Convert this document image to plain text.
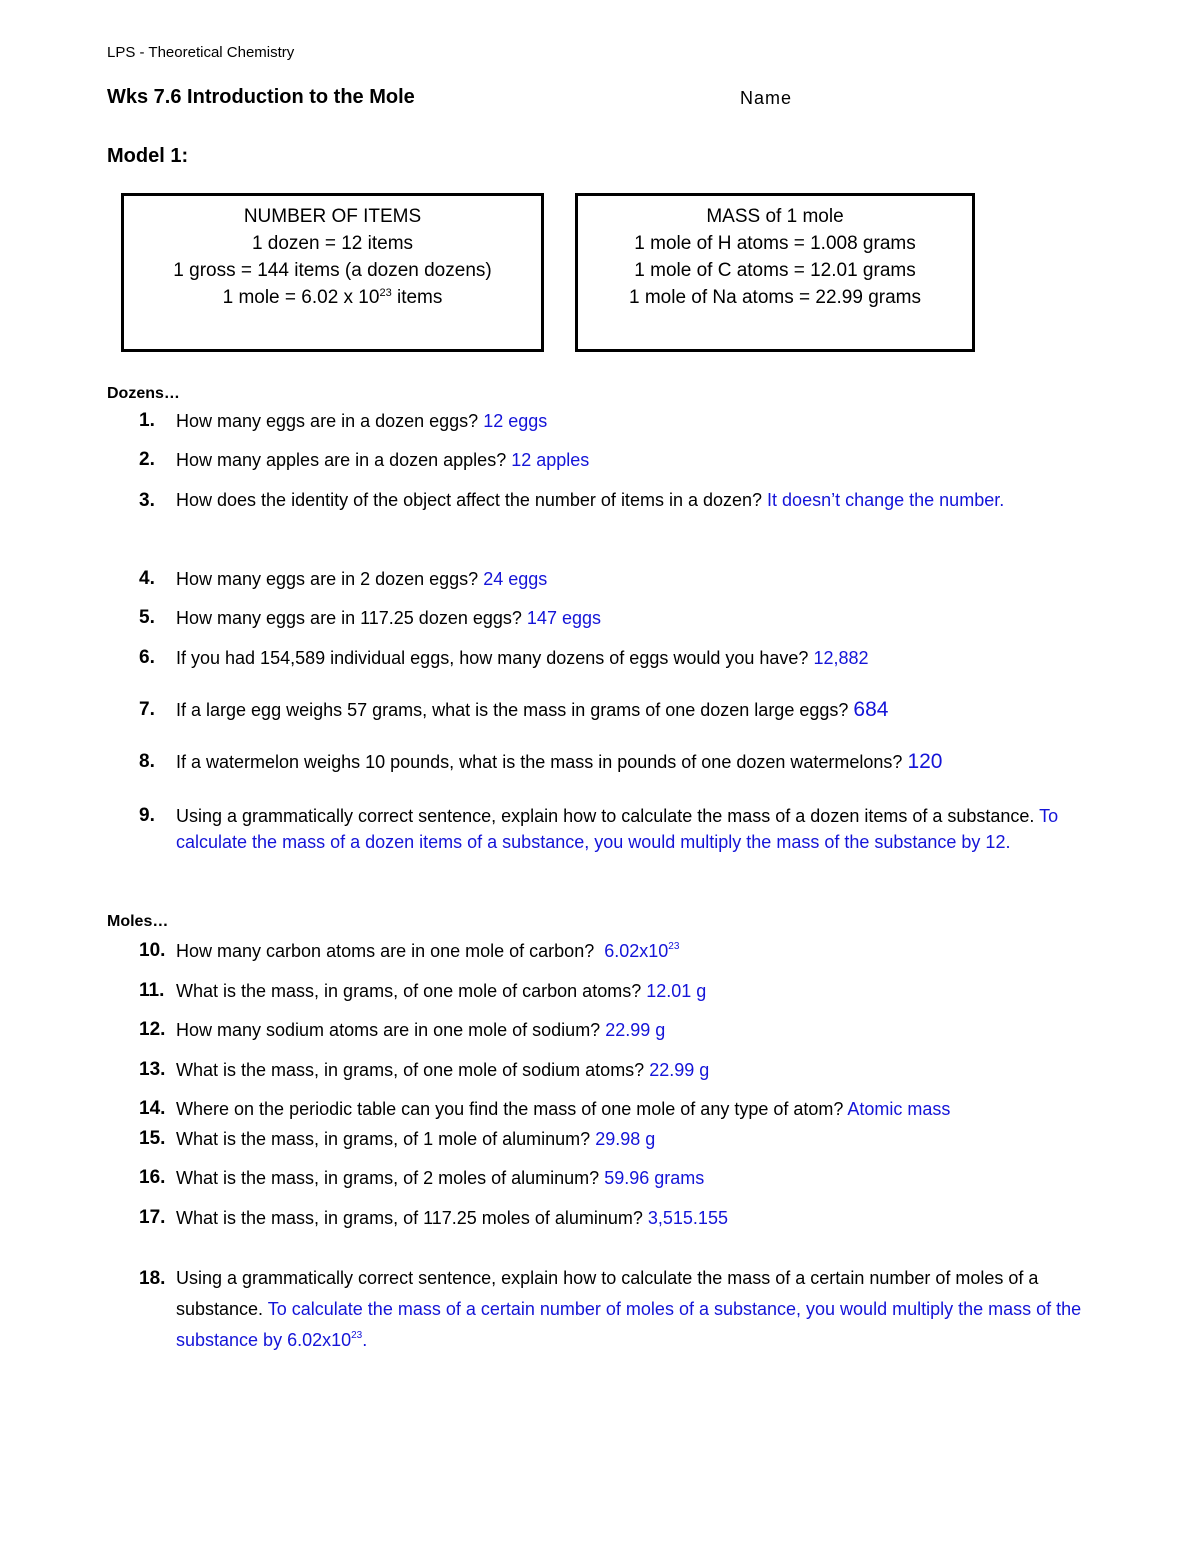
LPS - Theoretical Chemistry
Wks 7.6 Introduction to the Mole	Name
Model 1:
NUMBER OF ITEMS
1 dozen = 12 items
1 gross = 144 items (a dozen dozens)
1 mole = 6.02 x $10^{23}$ items
MASS of 1 mole
1 mole of H atoms = 1.008 grams
1 mole of C atoms = 12.01 grams
1 mole of Na atoms = 22.99 grams
Dozens…
1.	How many eggs are in a dozen eggs? 12 eggs
2.	How many apples are in a dozen apples? 12 apples
3.	How does the identity of the object affect the number of items in a dozen? It doesn’t change the number.
4.	How many eggs are in 2 dozen eggs? 24 eggs
5.	How many eggs are in 117.25 dozen eggs? 147 eggs
6.	If you had 154,589 individual eggs, how many dozens of eggs would you have? 12,882
7.	If a large egg weighs 57 grams, what is the mass in grams of one dozen large eggs? 684
8.	If a watermelon weighs 10 pounds, what is the mass in pounds of one dozen watermelons? 120
9.	Using a grammatically correct sentence, explain how to calculate the mass of a dozen items of a substance. To calculate the mass of a dozen items of a substance, you would multiply the mass of the substance by 12.
Moles…
10. How many carbon atoms are in one mole of carbon? $6.02x10^{23}$
11. What is the mass, in grams, of one mole of carbon atoms? 12.01 g
12. How many sodium atoms are in one mole of sodium? 22.99 g
13. What is the mass, in grams, of one mole of sodium atoms? 22.99 g
14. Where on the periodic table can you find the mass of one mole of any type of atom? Atomic mass
15. What is the mass, in grams, of 1 mole of aluminum? 29.98 g
16. What is the mass, in grams, of 2 moles of aluminum? 59.96 grams
17. What is the mass, in grams, of 117.25 moles of aluminum? 3,515.155
18. Using a grammatically correct sentence, explain how to calculate the mass of a certain number of moles of a substance. To calculate the mass of a certain number of moles of a substance, you would multiply the mass of the substance by $6.02x10^{23}$.
